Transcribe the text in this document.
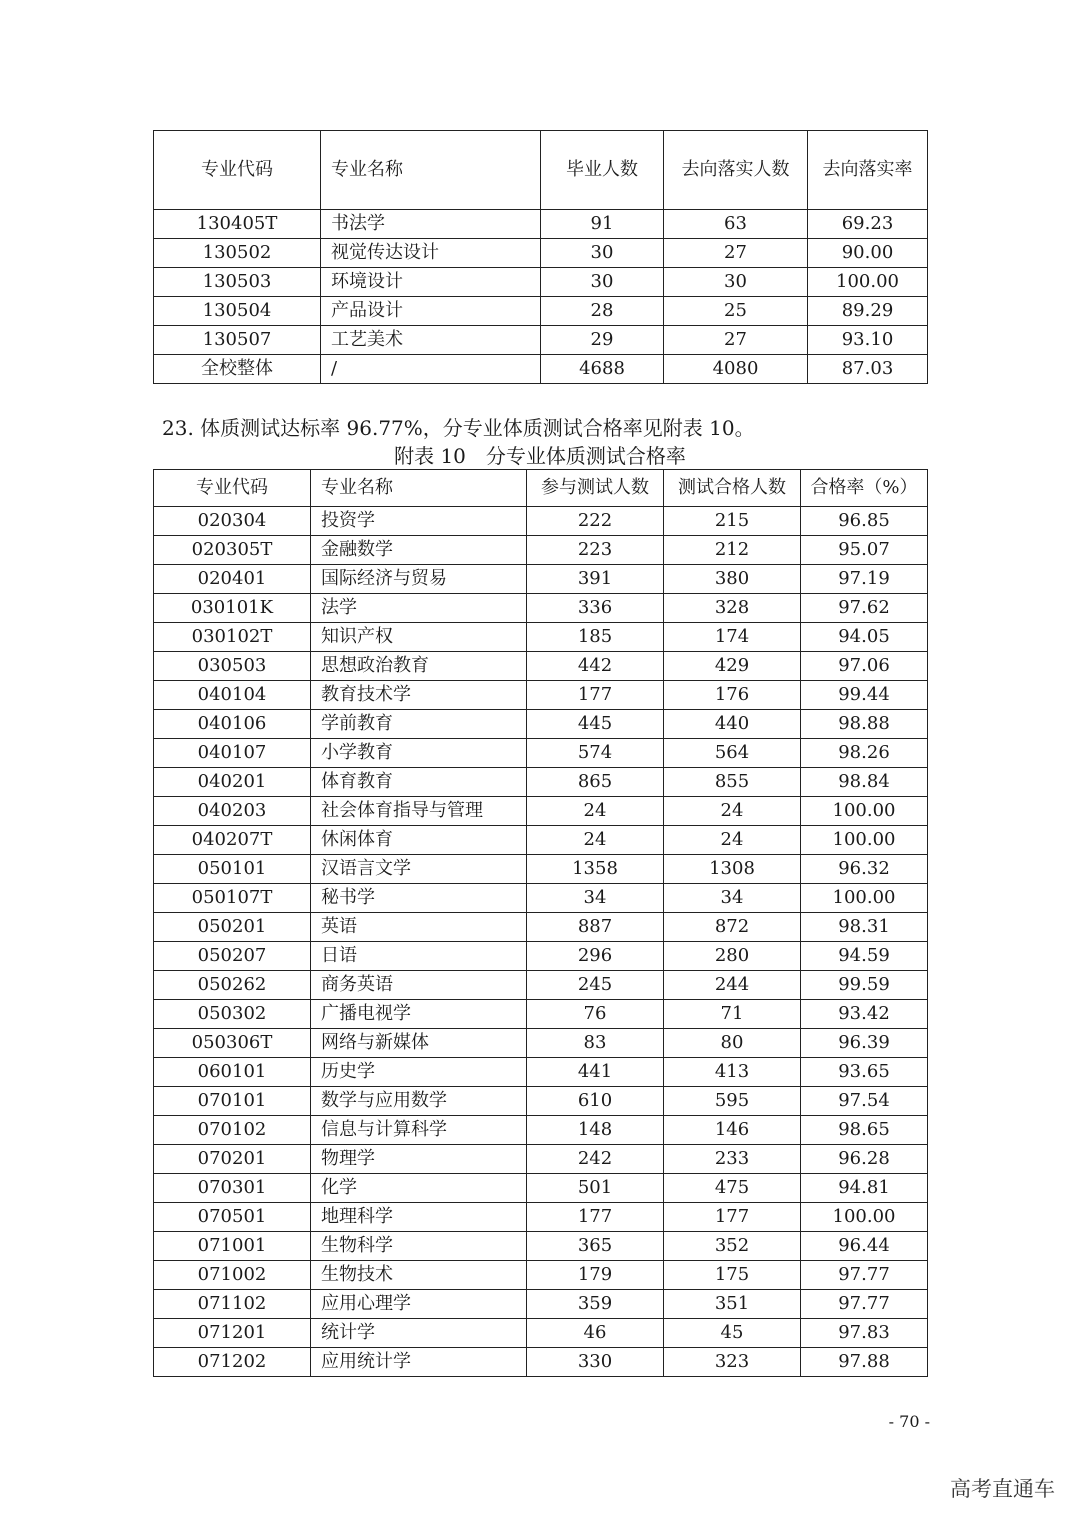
专业代码	专业名称	毕业人数	去向落实人数	去向落实率
130405T	书法学	91	63	69.23
130502	视觉传达设计	30	27	90.00
130503	环境设计	30	30	100.00
130504	产品设计	28	25	89.29
130507	工艺美术	29	27	93.10
全校整体	/	4688	4080	87.03
23. 体质测试达标率 96.77%，分专业体质测试合格率见附表 10。
附表 10　分专业体质测试合格率
专业代码	专业名称	参与测试人数	测试合格人数	合格率（%）
020304	投资学	222	215	96.85
020305T	金融数学	223	212	95.07
020401	国际经济与贸易	391	380	97.19
030101K	法学	336	328	97.62
030102T	知识产权	185	174	94.05
030503	思想政治教育	442	429	97.06
040104	教育技术学	177	176	99.44
040106	学前教育	445	440	98.88
040107	小学教育	574	564	98.26
040201	体育教育	865	855	98.84
040203	社会体育指导与管理	24	24	100.00
040207T	休闲体育	24	24	100.00
050101	汉语言文学	1358	1308	96.32
050107T	秘书学	34	34	100.00
050201	英语	887	872	98.31
050207	日语	296	280	94.59
050262	商务英语	245	244	99.59
050302	广播电视学	76	71	93.42
050306T	网络与新媒体	83	80	96.39
060101	历史学	441	413	93.65
070101	数学与应用数学	610	595	97.54
070102	信息与计算科学	148	146	98.65
070201	物理学	242	233	96.28
070301	化学	501	475	94.81
070501	地理科学	177	177	100.00
071001	生物科学	365	352	96.44
071002	生物技术	179	175	97.77
071102	应用心理学	359	351	97.77
071201	统计学	46	45	97.83
071202	应用统计学	330	323	97.88
- 70 -
高考直通车
